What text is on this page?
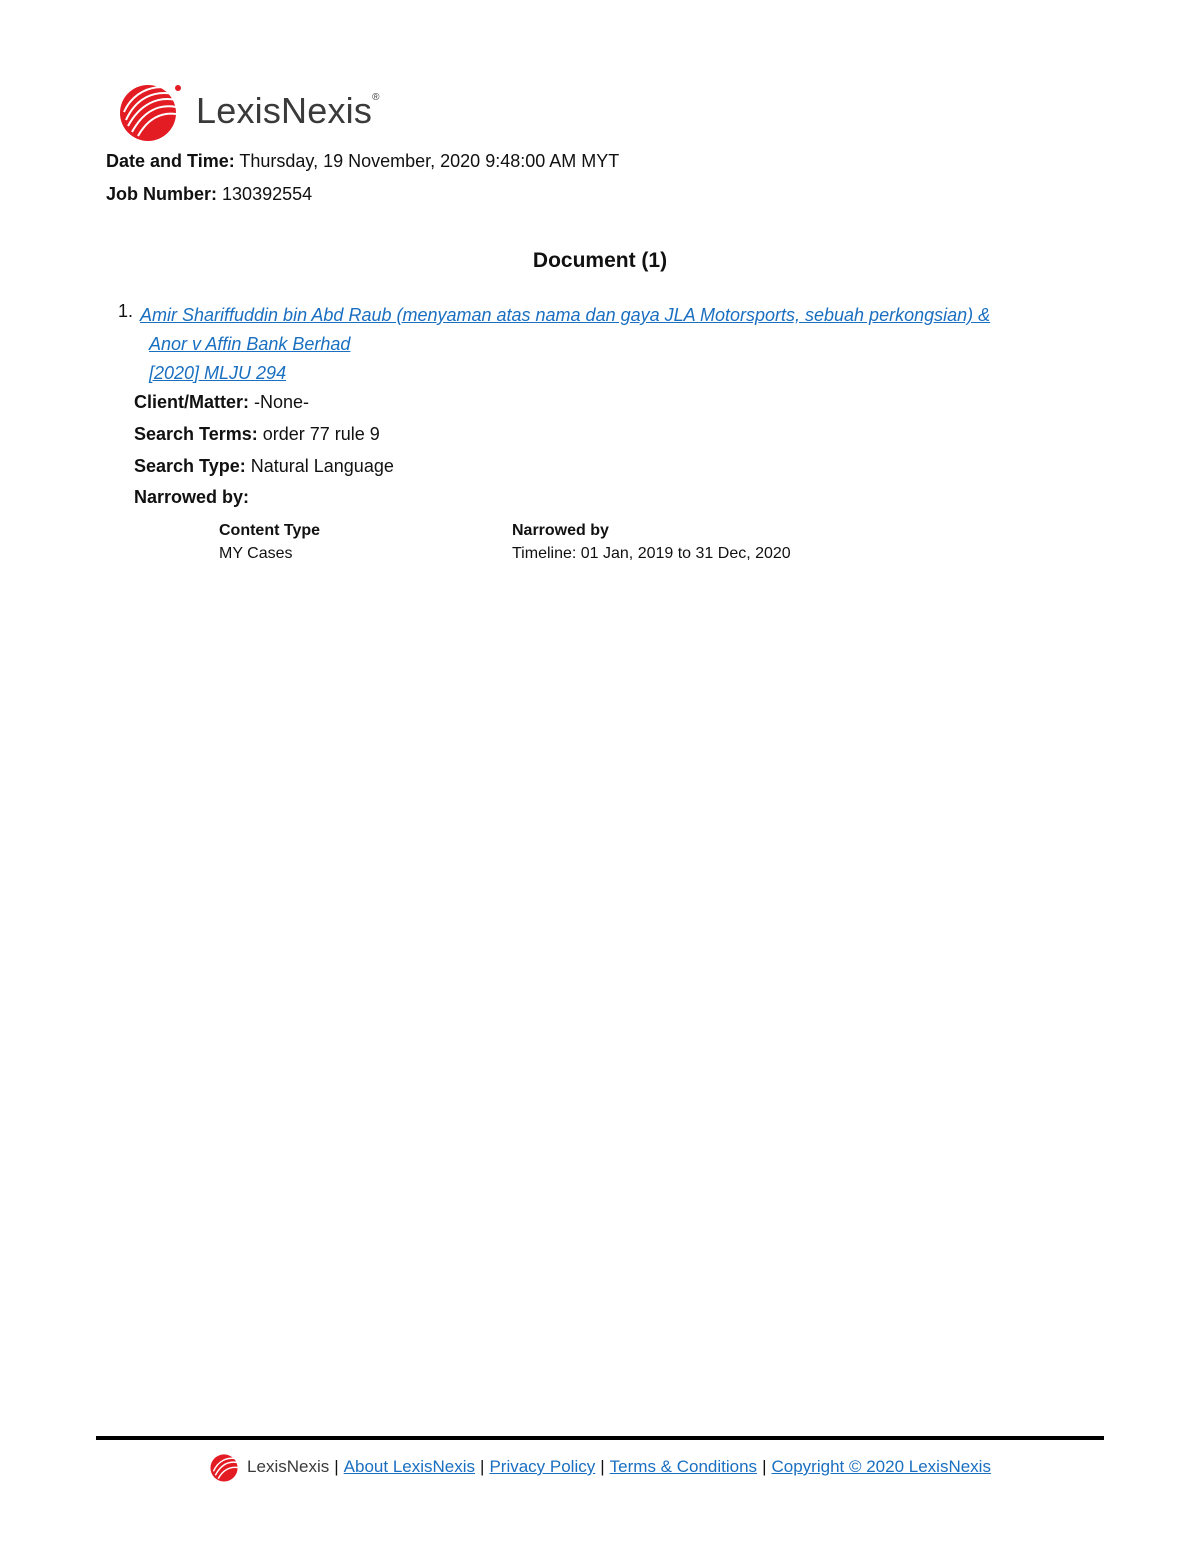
LexisNexis®
Date and Time: Thursday, 19 November, 2020 9:48:00 AM MYT
Job Number: 130392554
Document (1)
1. Amir Shariffuddin bin Abd Raub (menyaman atas nama dan gaya JLA Motorsports, sebuah perkongsian) &
Anor v Affin Bank Berhad
[2020] MLJU 294
Client/Matter: -None-
Search Terms: order 77 rule 9
Search Type: Natural Language
Narrowed by:
Content Type
MY Cases
Narrowed by
Timeline: 01 Jan, 2019 to 31 Dec, 2020
LexisNexis | About LexisNexis | Privacy Policy | Terms & Conditions | Copyright © 2020 LexisNexis
